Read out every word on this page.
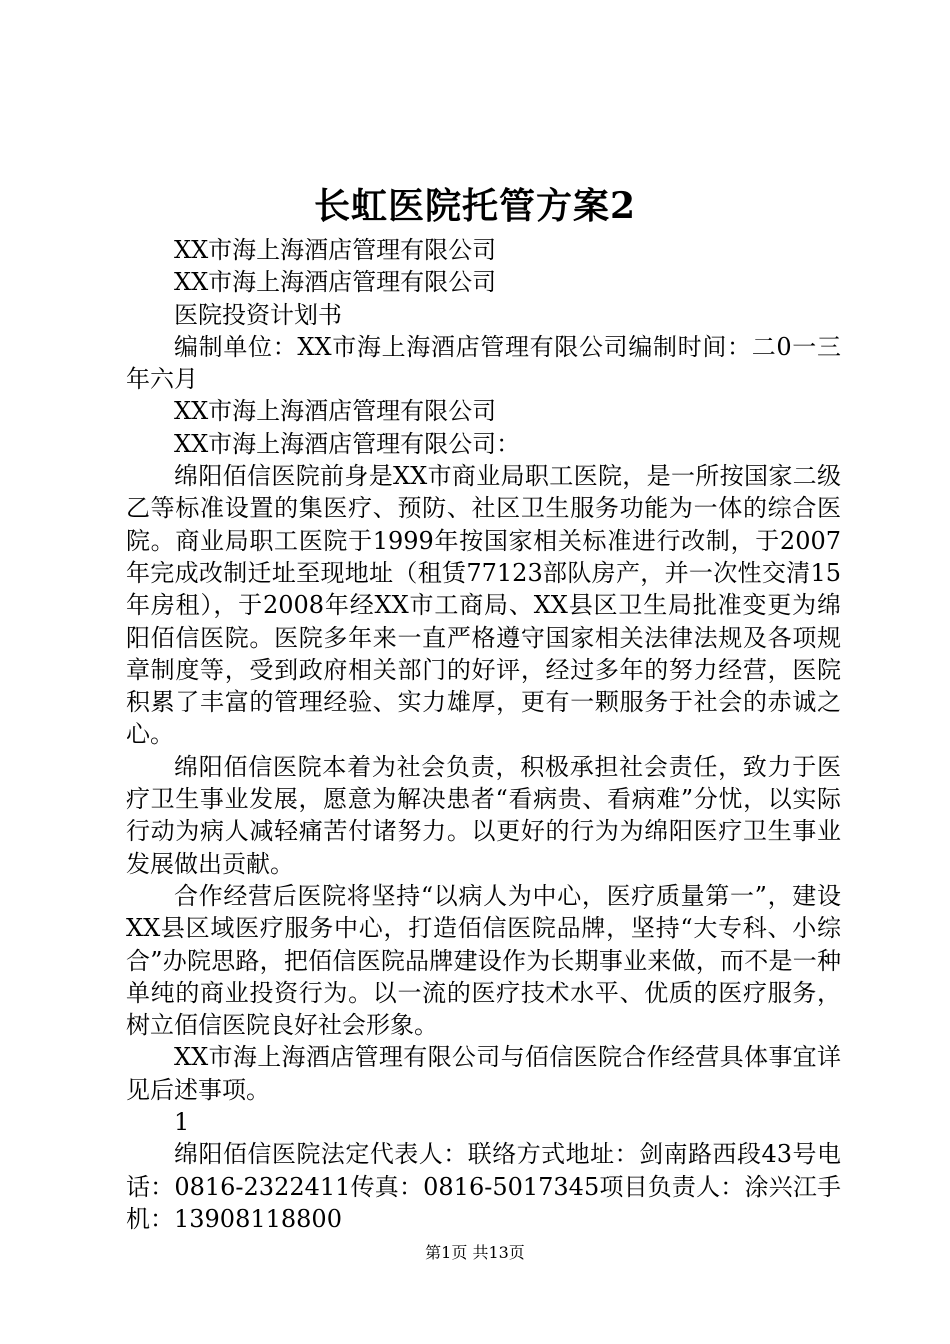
长虹医院托管方案2

XX市海上海酒店管理有限公司

XX市海上海酒店管理有限公司

医院投资计划书

编制单位：XX市海上海酒店管理有限公司编制时间：二0一三年六月

XX市海上海酒店管理有限公司

XX市海上海酒店管理有限公司：

绵阳佰信医院前身是XX市商业局职工医院，是一所按国家二级乙等标准设置的集医疗、预防、社区卫生服务功能为一体的综合医院。商业局职工医院于1999年按国家相关标准进行改制，于2007年完成改制迁址至现地址（租赁77123部队房产，并一次性交清15年房租），于2008年经XX市工商局、XX县区卫生局批准变更为绵阳佰信医院。医院多年来一直严格遵守国家相关法律法规及各项规章制度等，受到政府相关部门的好评，经过多年的努力经营，医院积累了丰富的管理经验、实力雄厚，更有一颗服务于社会的赤诚之心。

绵阳佰信医院本着为社会负责，积极承担社会责任，致力于医疗卫生事业发展，愿意为解决患者“看病贵、看病难”分忧，以实际行动为病人减轻痛苦付诸努力。以更好的行为为绵阳医疗卫生事业发展做出贡献。

合作经营后医院将坚持“以病人为中心，医疗质量第一”，建设XX县区域医疗服务中心，打造佰信医院品牌，坚持“大专科、小综合”办院思路，把佰信医院品牌建设作为长期事业来做，而不是一种单纯的商业投资行为。以一流的医疗技术水平、优质的医疗服务，树立佰信医院良好社会形象。

XX市海上海酒店管理有限公司与佰信医院合作经营具体事宜详见后述事项。

1

绵阳佰信医院法定代表人：联络方式地址：剑南路西段43号电话：0816-2322411传真：0816-5017345项目负责人：涂兴江手机：13908118800

第1页 共13页
